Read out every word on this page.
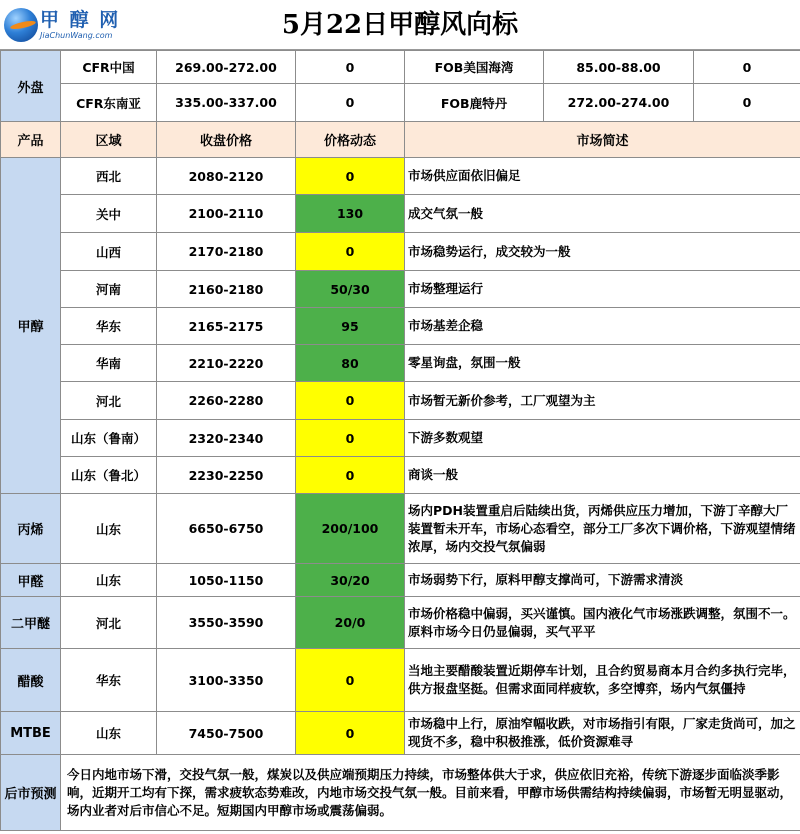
甲 醇 网
JiaChunWang.com	5月22日甲醇风向标
外盘	CFR中国	269.00-272.00	0	FOB美国海湾	85.00-88.00	0
	CFR东南亚	335.00-337.00	0	FOB鹿特丹	272.00-274.00	0
产品	区域	收盘价格	价格动态	市场简述		
甲醇	西北	2080-2120	0	市场供应面依旧偏足		
	关中	2100-2110	130	成交气氛一般		
	山西	2170-2180	0	市场稳势运行，成交较为一般		
	河南	2160-2180	50/30	市场整理运行		
	华东	2165-2175	95	市场基差企稳		
	华南	2210-2220	80	零星询盘，氛围一般		
	河北	2260-2280	0	市场暂无新价参考，工厂观望为主		
	山东（鲁南）	2320-2340	0	下游多数观望		
	山东（鲁北）	2230-2250	0	商谈一般		
丙烯	山东	6650-6750	200/100	场内PDH装置重启后陆续出货，丙烯供应压力增加，下游丁辛醇大厂装置暂未开车，市场心态看空，部分工厂多次下调价格，下游观望情绪浓厚，场内交投气氛偏弱		
甲醛	山东	1050-1150	30/20	市场弱势下行，原料甲醇支撑尚可，下游需求清淡		
二甲醚	河北	3550-3590	20/0	市场价格稳中偏弱，买兴谨慎。国内液化气市场涨跌调整，氛围不一。原料市场今日仍显偏弱，买气平平		
醋酸	华东	3100-3350	0	当地主要醋酸装置近期停车计划，且合约贸易商本月合约多执行完毕，供方报盘坚挺。但需求面同样疲软，多空博弈，场内气氛僵持		
MTBE	山东	7450-7500	0	市场稳中上行，原油窄幅收跌，对市场指引有限，厂家走货尚可，加之现货不多，稳中积极推涨，低价资源难寻		
后市预测	今日内地市场下滑，交投气氛一般，煤炭以及供应端预期压力持续，市场整体供大于求，供应依旧充裕，传统下游逐步面临淡季影响，近期开工均有下探，需求疲软态势难改，内地市场交投气氛一般。目前来看，甲醇市场供需结构持续偏弱，市场暂无明显驱动，场内业者对后市信心不足。短期国内甲醇市场或震荡偏弱。					
